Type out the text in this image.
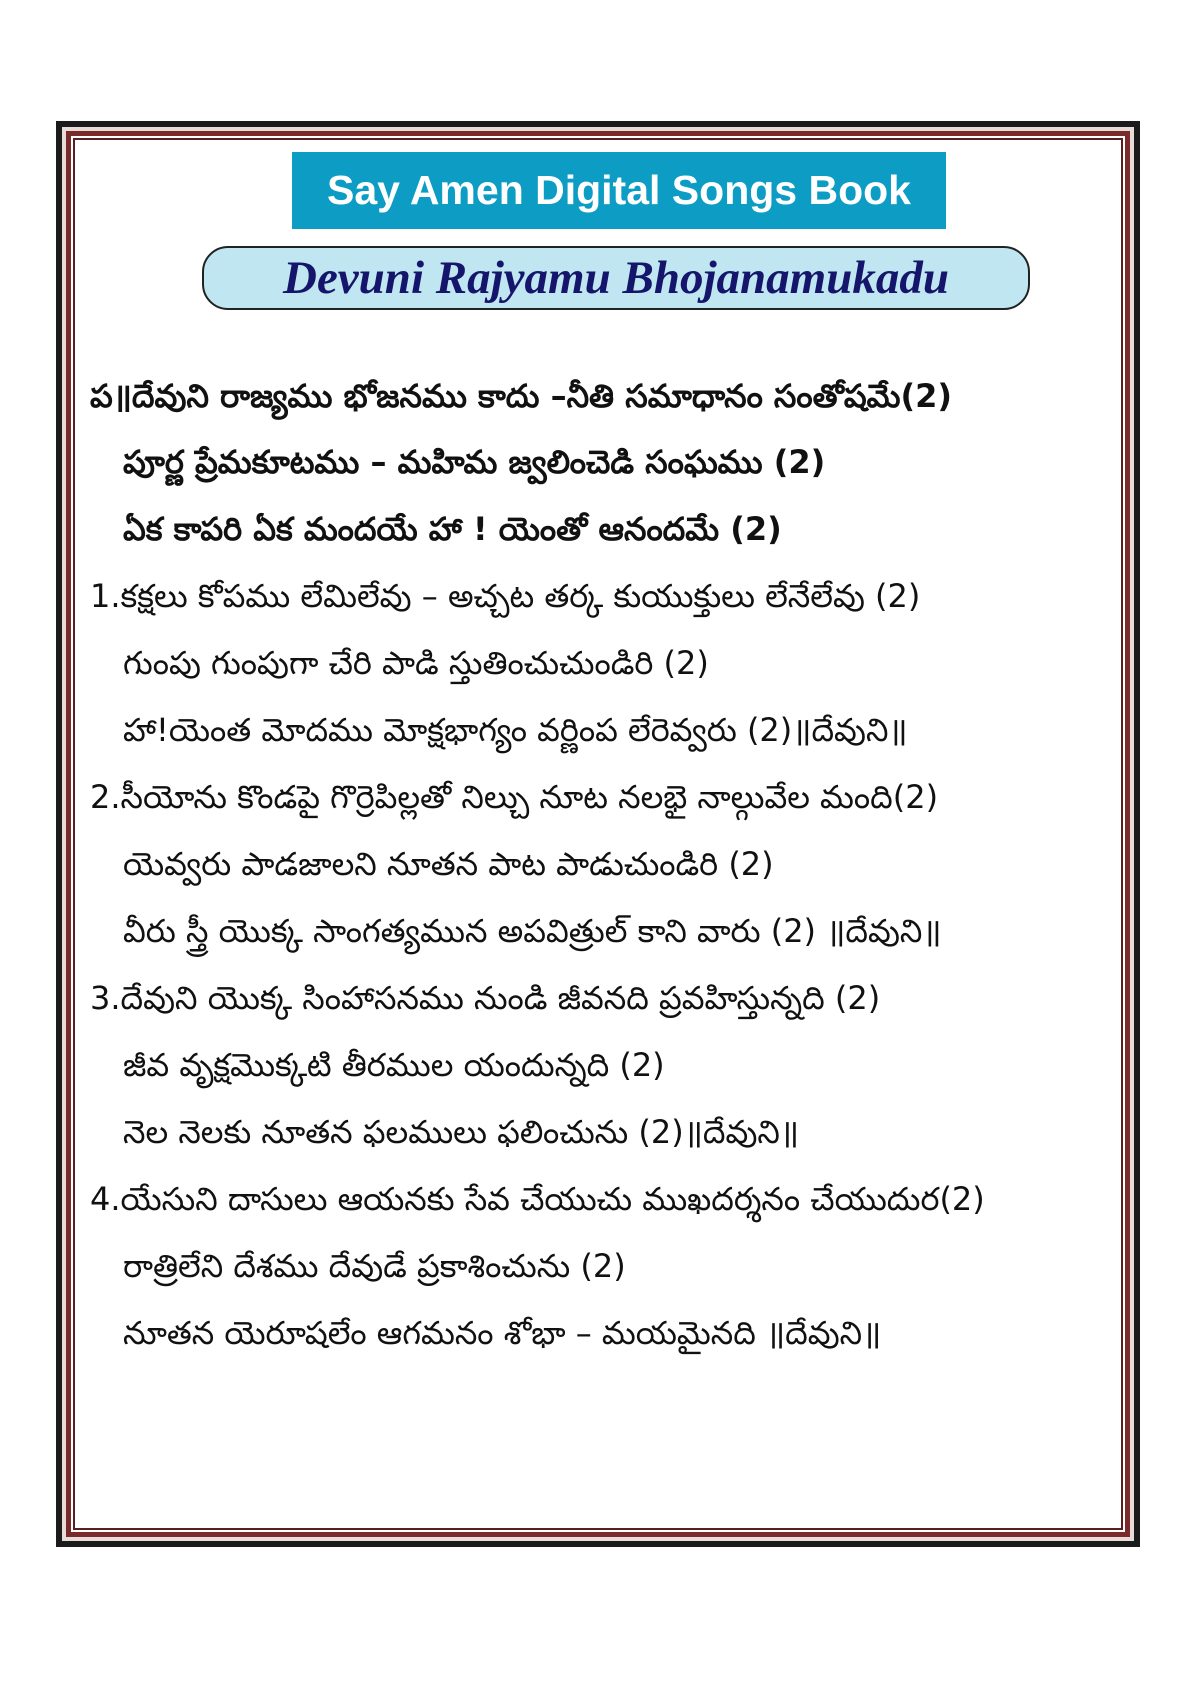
Say Amen Digital Songs Book
Devuni Rajyamu Bhojanamukadu
ప॥దేవుని రాజ్యము భోజనము కాదు –నీతి సమాధానం సంతోషమే(2)
పూర్ణ ప్రేమకూటము – మహిమ జ్వలించెడి సంఘము (2)
ఏక కాపరి ఏక మందయే హా ! యెంతో ఆనందమే (2)
1.కక్షలు కోపము లేమిలేవు – అచ్చట తర్క కుయుక్తులు లేనేలేవు (2)
గుంపు గుంపుగా చేరి పాడి స్తుతించుచుండిరి (2)
హా!యెంత మోదము మోక్షభాగ్యం వర్ణింప లేరెవ్వరు (2)॥దేవుని॥
2.సీయోను కొండపై గొర్రెపిల్లతో నిల్చు నూట నలభై నాల్గువేల మంది(2)
యెవ్వరు పాడజాలని నూతన పాట పాడుచుండిరి (2)
వీరు స్త్రీ యొక్క సాంగత్యమున అపవిత్రుల్ కాని వారు (2) ॥దేవుని॥
3.దేవుని యొక్క సింహాసనము నుండి జీవనది ప్రవహిస్తున్నది (2)
జీవ వృక్షమొక్కటి తీరముల యందున్నది (2)
నెల నెలకు నూతన ఫలములు ఫలించును (2)॥దేవుని॥
4.యేసుని దాసులు ఆయనకు సేవ చేయుచు ముఖదర్శనం చేయుదుర(2)
రాత్రిలేని దేశము దేవుడే ప్రకాశించును (2)
నూతన యెరూషలేం ఆగమనం శోభా – మయమైనది ॥దేవుని॥
